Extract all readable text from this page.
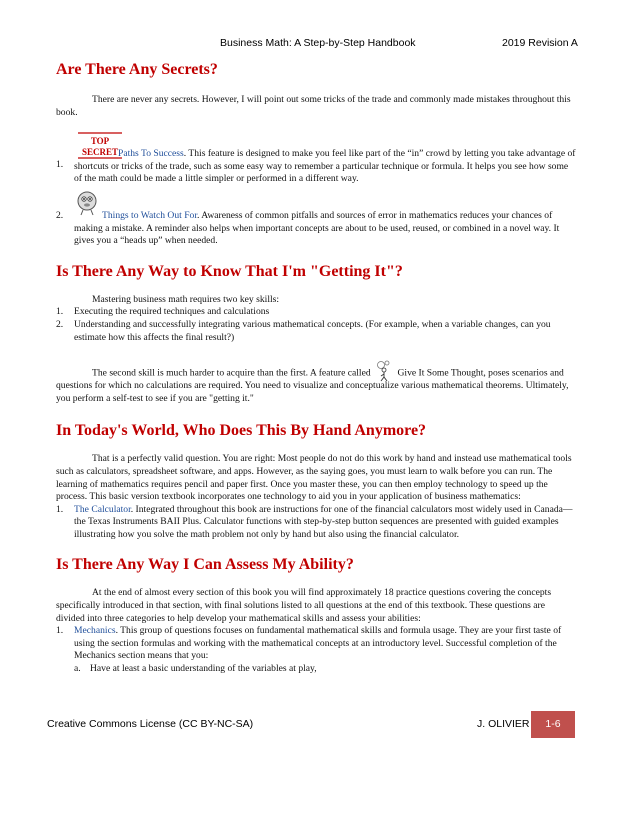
Business Math: A Step-by-Step Handbook	2019 Revision A
Are There Any Secrets?

There are never any secrets. However, I will point out some tricks of the trade and commonly made mistakes throughout this book.

1.
TOP
SECRET Paths To Success. This feature is designed to make you feel like part of the “in” crowd by letting you take advantage of shortcuts or tricks of the trade, such as some easy way to remember a particular technique or formula. It helps you see how some of the math could be made a little simpler or performed in a different way.

2.	Things to Watch Out For. Awareness of common pitfalls and sources of error in mathematics reduces your chances of making a mistake. A reminder also helps when important concepts are about to be used, reused, or combined in a novel way. It gives you a “heads up” when needed.

Is There Any Way to Know That I'm "Getting It"?

Mastering business math requires two key skills:

1.	Executing the required techniques and calculations
2.	Understanding and successfully integrating various mathematical concepts. (For example, when a variable changes, can you estimate how this affects the final result?)

The second skill is much harder to acquire than the first. A feature called	Give It Some Thought, poses scenarios and questions for which no calculations are required. You need to visualize and conceptualize various mathematical theorems. Ultimately, you perform a self-test to see if you are "getting it."

In Today's World, Who Does This By Hand Anymore?

That is a perfectly valid question. You are right: Most people do not do this work by hand and instead use mathematical tools such as calculators, spreadsheet software, and apps. However, as the saying goes, you must learn to walk before you can run. The learning of mathematics requires pencil and paper first. Once you master these, you can then employ technology to speed up the process. This basic version textbook incorporates one technology to aid you in your application of business mathematics:

1.	The Calculator. Integrated throughout this book are instructions for one of the financial calculators most widely used in Canada—the Texas Instruments BAII Plus. Calculator functions with step-by-step button sequences are presented with guided examples illustrating how you solve the math problem not only by hand but also using the financial calculator.
Is There Any Way I Can Assess My Ability?

At the end of almost every section of this book you will find approximately 18 practice questions covering the concepts specifically introduced in that section, with final solutions listed to all questions at the end of this textbook. These questions are divided into three categories to help develop your mathematical skills and assess your abilities:

1.	Mechanics. This group of questions focuses on fundamental mathematical skills and formula usage. They are your first taste of using the section formulas and working with the mathematical concepts at an introductory level. Successful completion of the Mechanics section means that you:
a. Have at least a basic understanding of the variables at play,
Creative Commons License (CC BY-NC-SA)	J. OLIVIER	1-6
